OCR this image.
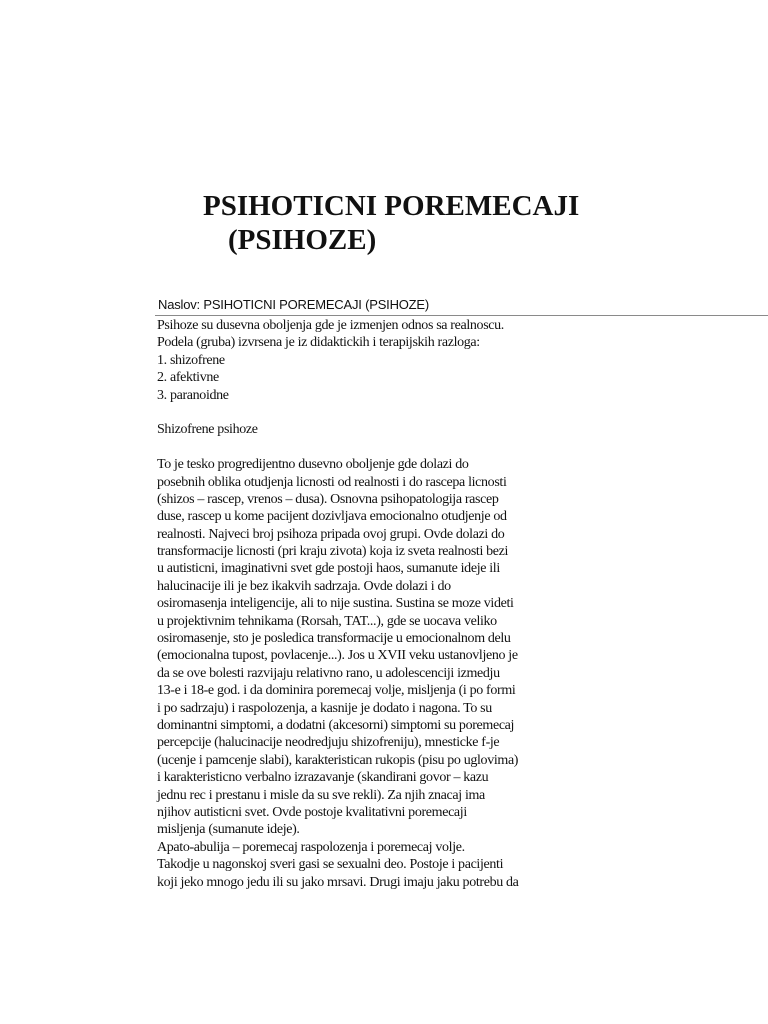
PSIHOTICNI POREMECAJI
(PSIHOZE)
Naslov: PSIHOTICNI POREMECAJI (PSIHOZE)
Psihoze su dusevna oboljenja gde je izmenjen odnos sa realnoscu.
Podela (gruba) izvrsena je iz didaktickih i terapijskih razloga:
1. shizofrene
2. afektivne
3. paranoidne
Shizofrene psihoze
To je tesko progredijentno dusevno oboljenje gde dolazi do
posebnih oblika otudjenja licnosti od realnosti i do rascepa licnosti
(shizos – rascep, vrenos – dusa). Osnovna psihopatologija rascep
duse, rascep u kome pacijent dozivljava emocionalno otudjenje od
realnosti. Najveci broj psihoza pripada ovoj grupi. Ovde dolazi do
transformacije licnosti (pri kraju zivota) koja iz sveta realnosti bezi
u autisticni, imaginativni svet gde postoji haos, sumanute ideje ili
halucinacije ili je bez ikakvih sadrzaja. Ovde dolazi i do
osiromasenja inteligencije, ali to nije sustina. Sustina se moze videti
u projektivnim tehnikama (Rorsah, TAT...), gde se uocava veliko
osiromasenje, sto je posledica transformacije u emocionalnom delu
(emocionalna tupost, povlacenje...). Jos u XVII veku ustanovljeno je
da se ove bolesti razvijaju relativno rano, u adolescenciji izmedju
13-e i 18-e god. i da dominira poremecaj volje, misljenja (i po formi
i po sadrzaju) i raspolozenja, a kasnije je dodato i nagona. To su
dominantni simptomi, a dodatni (akcesorni) simptomi su poremecaj
percepcije (halucinacije neodredjuju shizofreniju), mnesticke f-je
(ucenje i pamcenje slabi), karakteristican rukopis (pisu po uglovima)
i karakteristicno verbalno izrazavanje (skandirani govor – kazu
jednu rec i prestanu i misle da su sve rekli). Za njih znacaj ima
njihov autisticni svet. Ovde postoje kvalitativni poremecaji
misljenja (sumanute ideje).
Apato-abulija – poremecaj raspolozenja i poremecaj volje.
Takodje u nagonskoj sveri gasi se sexualni deo. Postoje i pacijenti
koji jeko mnogo jedu ili su jako mrsavi. Drugi imaju jaku potrebu da
